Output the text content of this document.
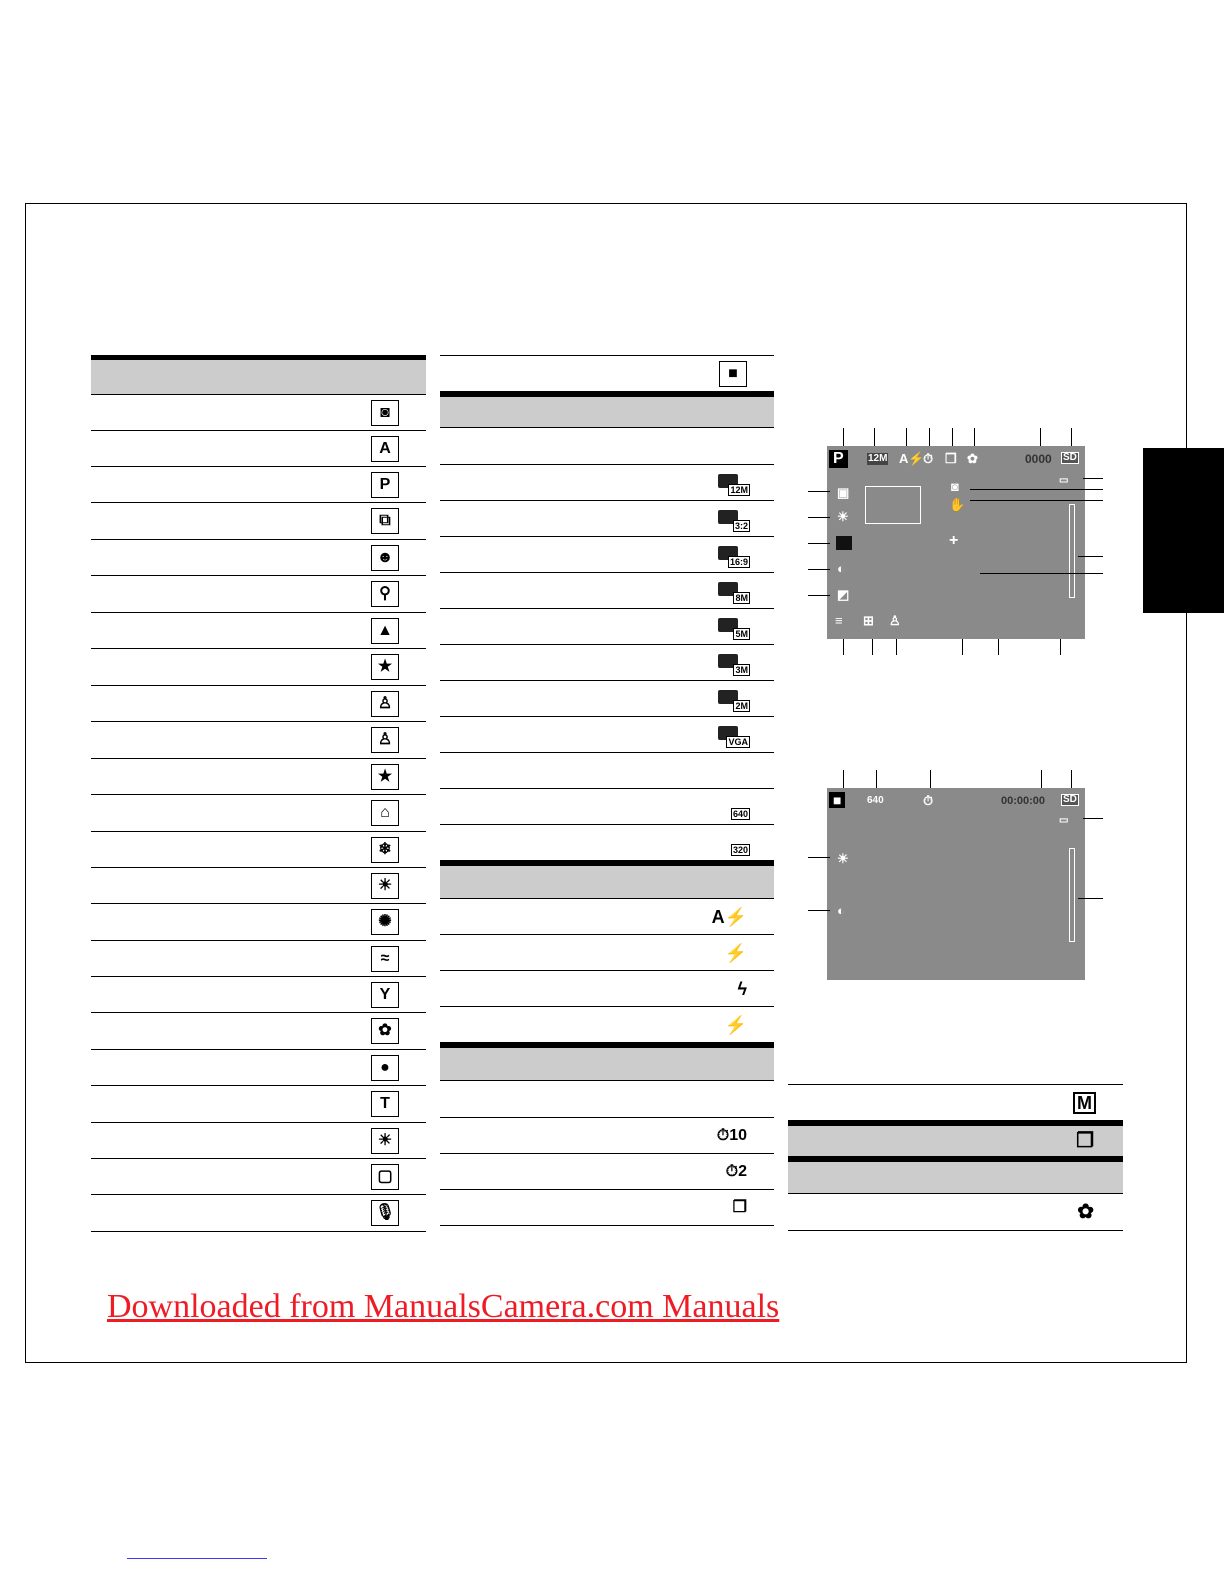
◙
A
P
⧉
☻
⚲
▲
★
♙
♙
★
⌂
❄
☀
✺
≈
Y
✿
●
T
☀
▢
🎙
■
12M
3:2
16:9
8M
5M
3M
2M
VGA
640
320
A⚡
⚡
ϟ
⚡
⏱10
⏱2
❐
M
❐
✿
P	12M A⚡
⏱ ❐ ✿	0000 SD
▭
▣
☀
◐
◩
+
◙
✋
≡ ⊞ ♙
■	640	⏱	00:00:00 SD
▭
☀
◐
Downloaded from ManualsCamera.com Manuals
